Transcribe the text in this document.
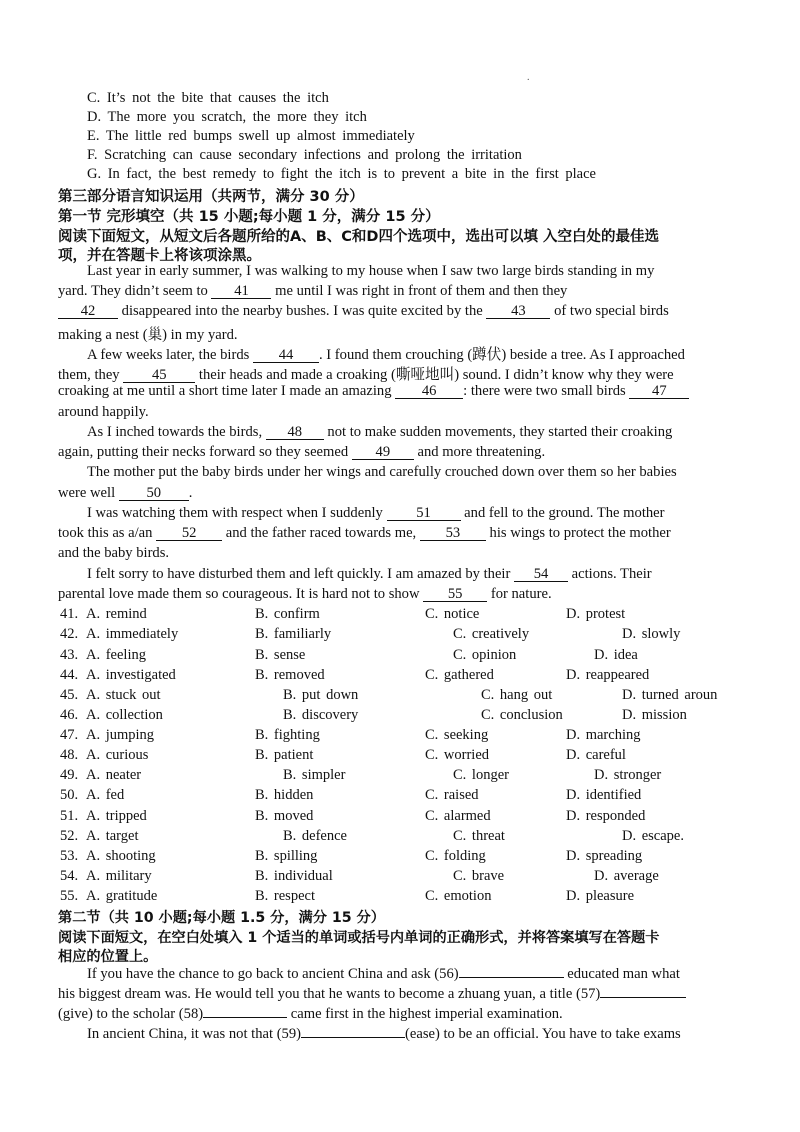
.
C. It’s not the bite that causes the itch
D. The more you scratch, the more they itch
E. The little red bumps swell up almost immediately
F. Scratching can cause secondary infections and prolong the irritation
G. In fact, the best remedy to fight the itch is to prevent a bite in the first place
第三部分语言知识运用（共两节，满分 30 分）
第一节 完形填空（共 15 小题;每小题 1 分，满分 15 分）
阅读下面短文，从短文后各题所给的A、B、C和D四个选项中，选出可以填 入空白处的最佳选
项，并在答题卡上将该项涂黑。
Last year in early summer, I was walking to my house when I saw two large birds standing in my
yard. They didn’t seem to 41 me until I was right in front of them and then they
42 disappeared into the nearby bushes. I was quite excited by the 43 of two special birds
making a nest (巢) in my yard.
A few weeks later, the birds 44 . I found them crouching (蹲伏) beside a tree. As I approached
them, they 45 their heads and made a croaking (嘶哑地叫) sound. I didn’t know why they were
croaking at me until a short time later I made an amazing 46 : there were two small birds 47
around happily.
As I inched towards the birds, 48 not to make sudden movements, they started their croaking
again, putting their necks forward so they seemed 49 and more threatening.
The mother put the baby birds under her wings and carefully crouched down over them so her babies
were well 50 .
I was watching them with respect when I suddenly 51 and fell to the ground. The mother
took this as a/an 52 and the father raced towards me, 53 his wings to protect the mother
and the baby birds.
I felt sorry to have disturbed them and left quickly. I am amazed by their 54 actions. Their
parental love made them so courageous. It is hard not to show 55 for nature.
41. A. remind	B. confirm	C. notice	D. protest
42. A. immediately	B. familiarly	C. creatively	D. slowly
43. A. feeling	B. sense	C. opinion	D. idea
44. A. investigated	B. removed	C. gathered	D. reappeared
45. A. stuck out	B. put down	C. hang out	D. turned aroun
46. A. collection	B. discovery	C. conclusion	D. mission
47. A. jumping	B. fighting	C. seeking	D. marching
48. A. curious	B. patient	C. worried	D. careful
49. A. neater	B. simpler	C. longer	D. stronger
50. A. fed	B. hidden	C. raised	D. identified
51. A. tripped	B. moved	C. alarmed	D. responded
52. A. target	B. defence	C. threat	D. escape.
53. A. shooting	B. spilling	C. folding	D. spreading
54. A. military	B. individual	C. brave	D. average
55. A. gratitude	B. respect	C. emotion	D. pleasure
第二节（共 10 小题;每小题 1.5 分，满分 15 分）
阅读下面短文，在空白处填入 1 个适当的单词或括号内单词的正确形式，并将答案填写在答题卡
相应的位置上。
If you have the chance to go back to ancient China and ask (56)	educated man what
his biggest dream was. He would tell you that he wants to become a zhuang yuan, a title (57)
(give) to the scholar (58)	came first in the highest imperial examination.
In ancient China, it was not that (59)	(ease) to be an official. You have to take exams
